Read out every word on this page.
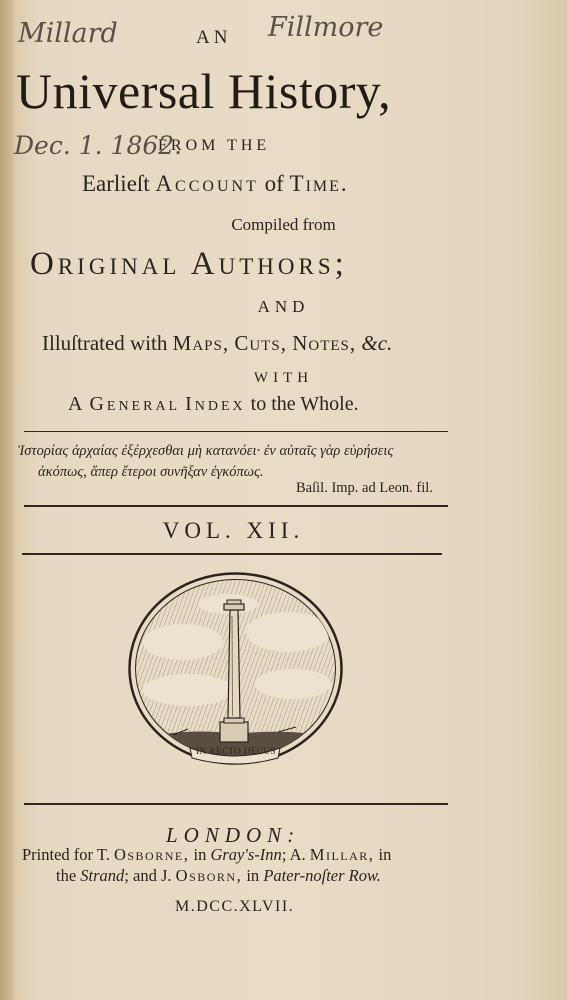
Millard	Fillmore
Dec. 1. 1862.
AN
Universal History,
FROM THE
Earlieſt Account of Time.
Compiled from
Original Authors;
AND
Illuſtrated with Maps, Cuts, Notes, &c.
WITH
A General Index to the Whole.
Ἱστορίας ἀρχαίας ἐξέρχεσθαι μὴ κατανόει· ἐν αὐταῖς γὰρ εὑρήσεις
ἀκόπως, ἅπερ ἕτεροι συνῆξαν ἐγκόπως.
Baſil. Imp. ad Leon. fil.
VOL. XII.
IN RECTO DECUS
LONDON:
Printed for T. Osborne, in Gray's-Inn; A. Millar, in
the Strand; and J. Osborn, in Pater-noſter Row.
M.DCC.XLVII.
